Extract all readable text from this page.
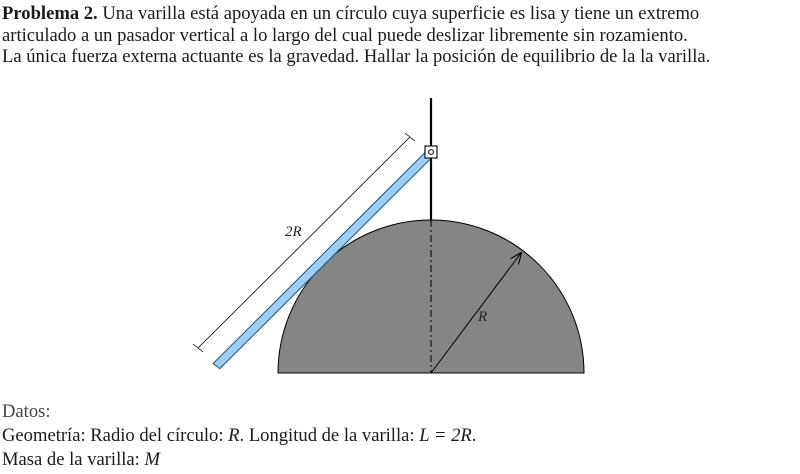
Problema 2. Una varilla está apoyada en un círculo cuya superficie es lisa y tiene un extremo
articulado a un pasador vertical a lo largo del cual puede deslizar libremente sin rozamiento.
La única fuerza externa actuante es la gravedad. Hallar la posición de equilibrio de la la varilla.
R
2R
Datos:
Geometría: Radio del círculo: R. Longitud de la varilla: L = 2R.
Masa de la varilla: M
